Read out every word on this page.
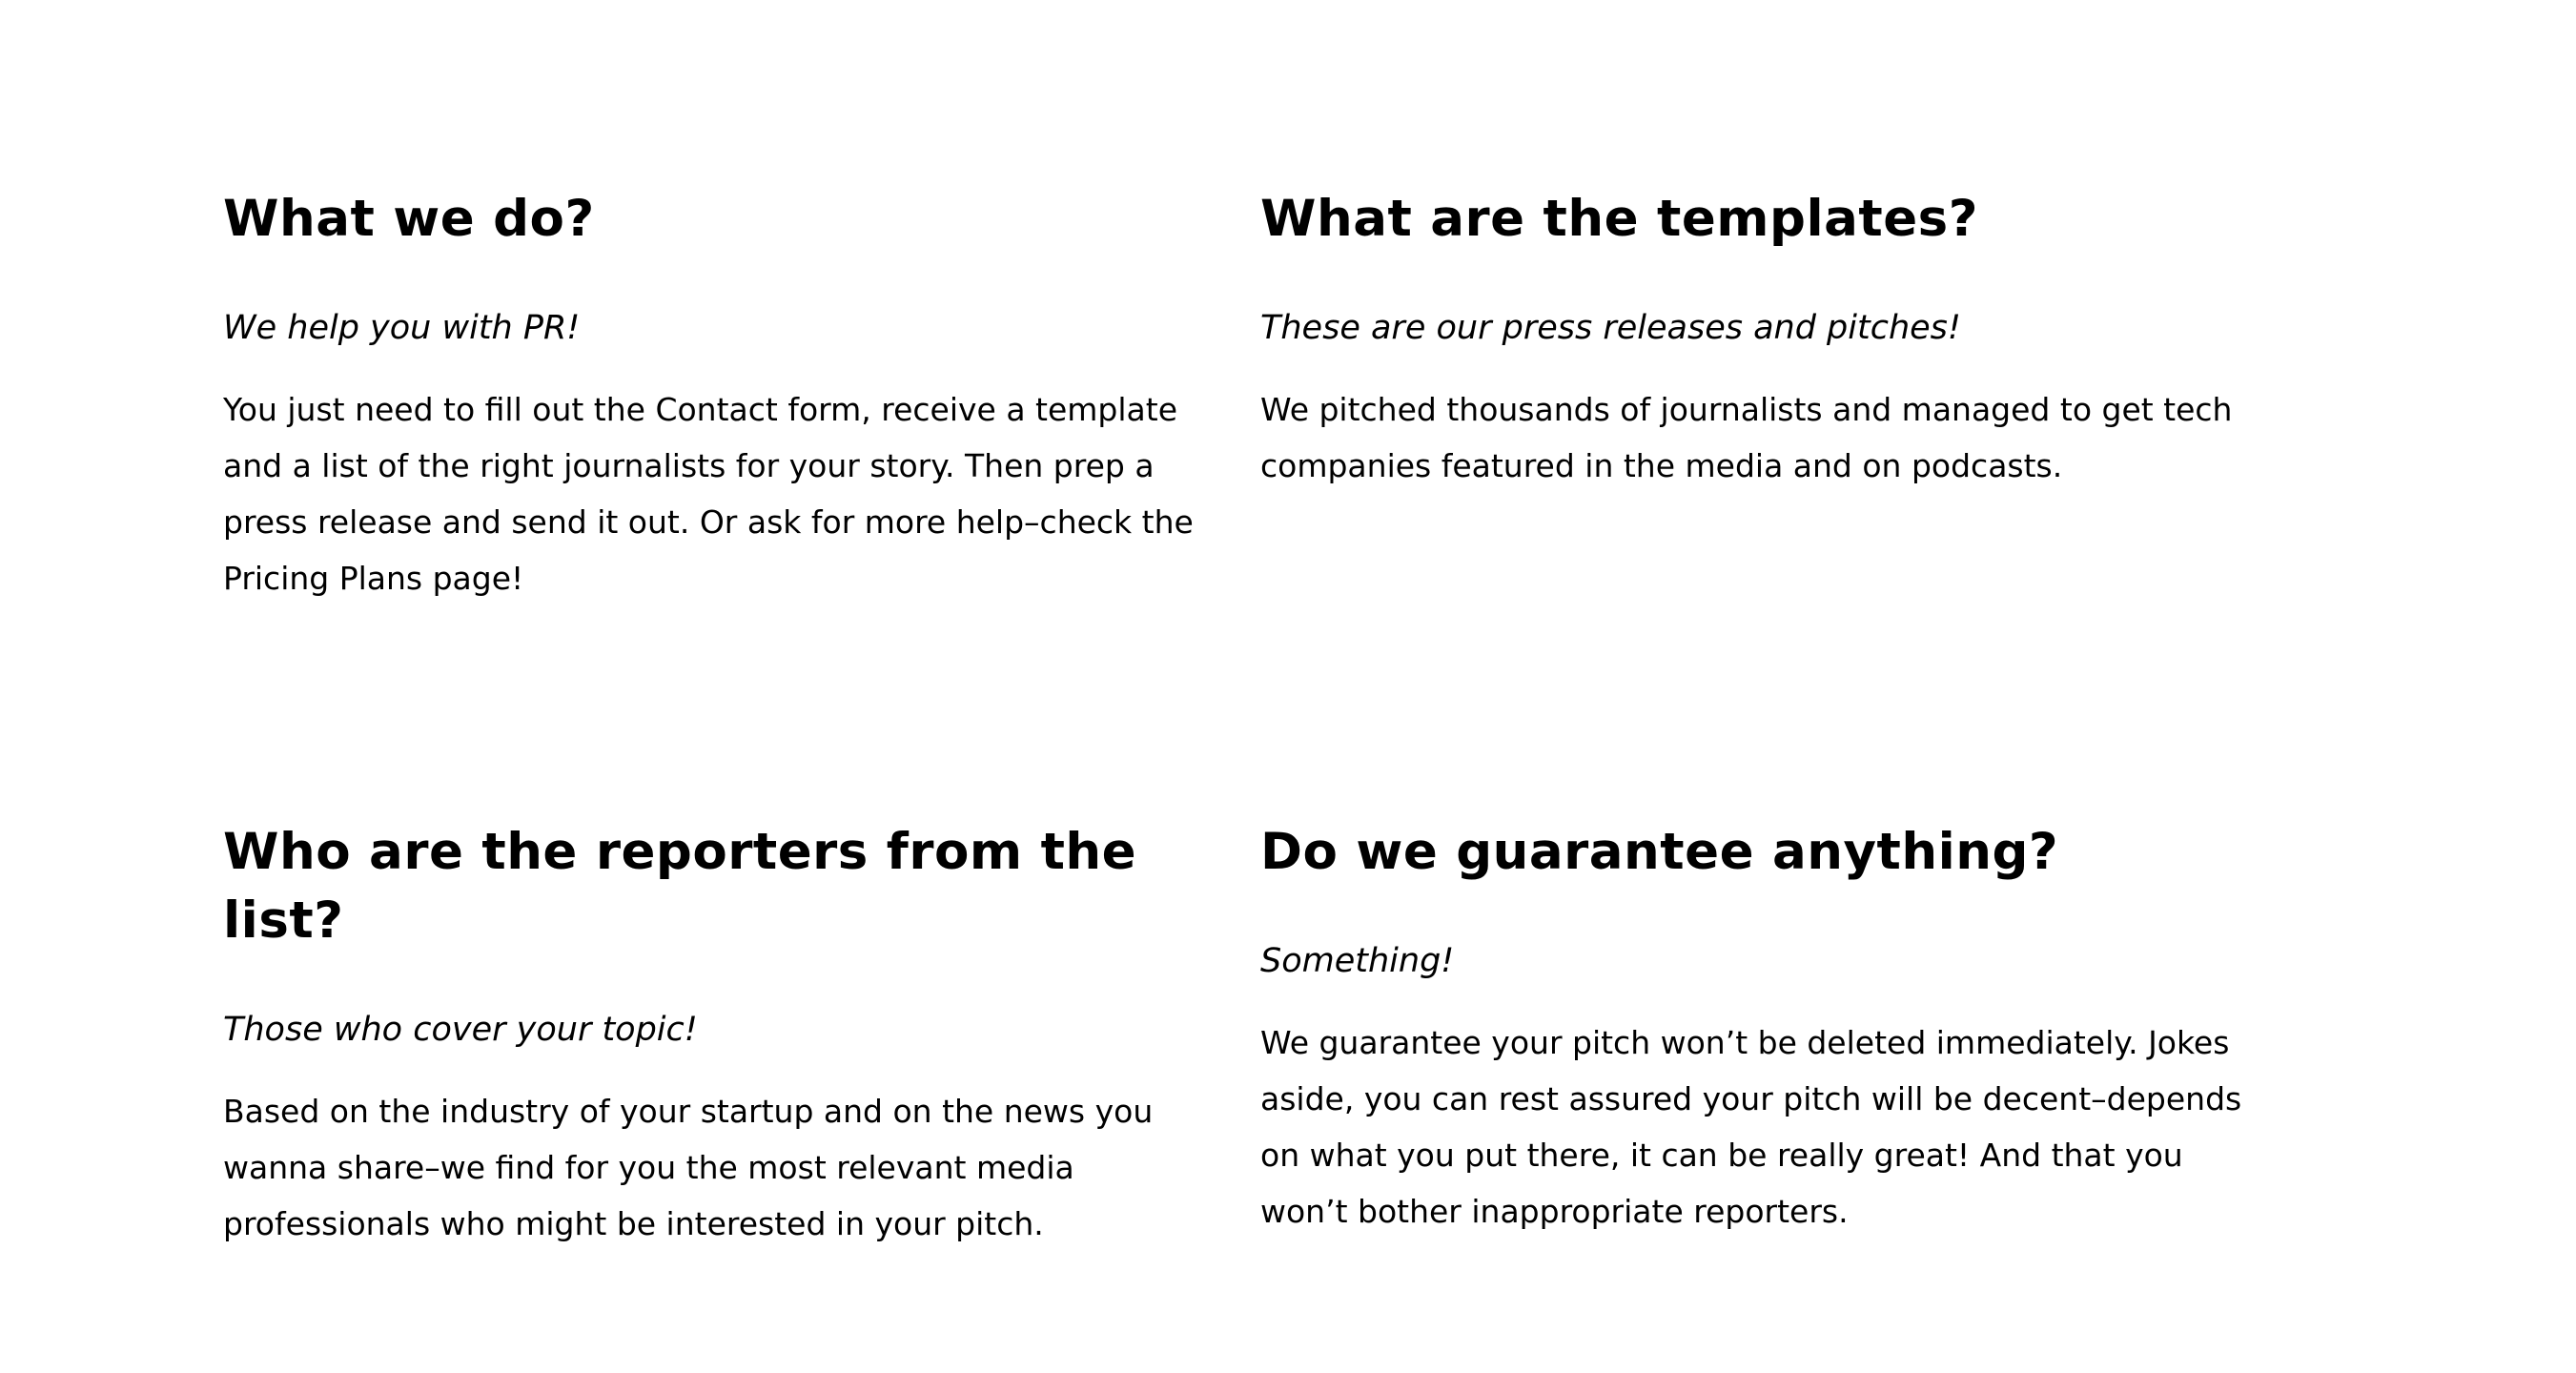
What we do?

We help you with PR!

You just need to fill out the Contact form, receive a template and a list of the right journalists for your story. Then prep a press release and send it out. Or ask for more help–check the Pricing Plans page!

What are the templates?

These are our press releases and pitches!

We pitched thousands of journalists and managed to get tech companies featured in the media and on podcasts.

Who are the reporters from the list?

Those who cover your topic!

Based on the industry of your startup and on the news you wanna share–we find for you the most relevant media professionals who might be interested in your pitch.

Do we guarantee anything?

Something!

We guarantee your pitch won’t be deleted immediately. Jokes aside, you can rest assured your pitch will be decent–depends on what you put there, it can be really great! And that you won’t bother inappropriate reporters.
